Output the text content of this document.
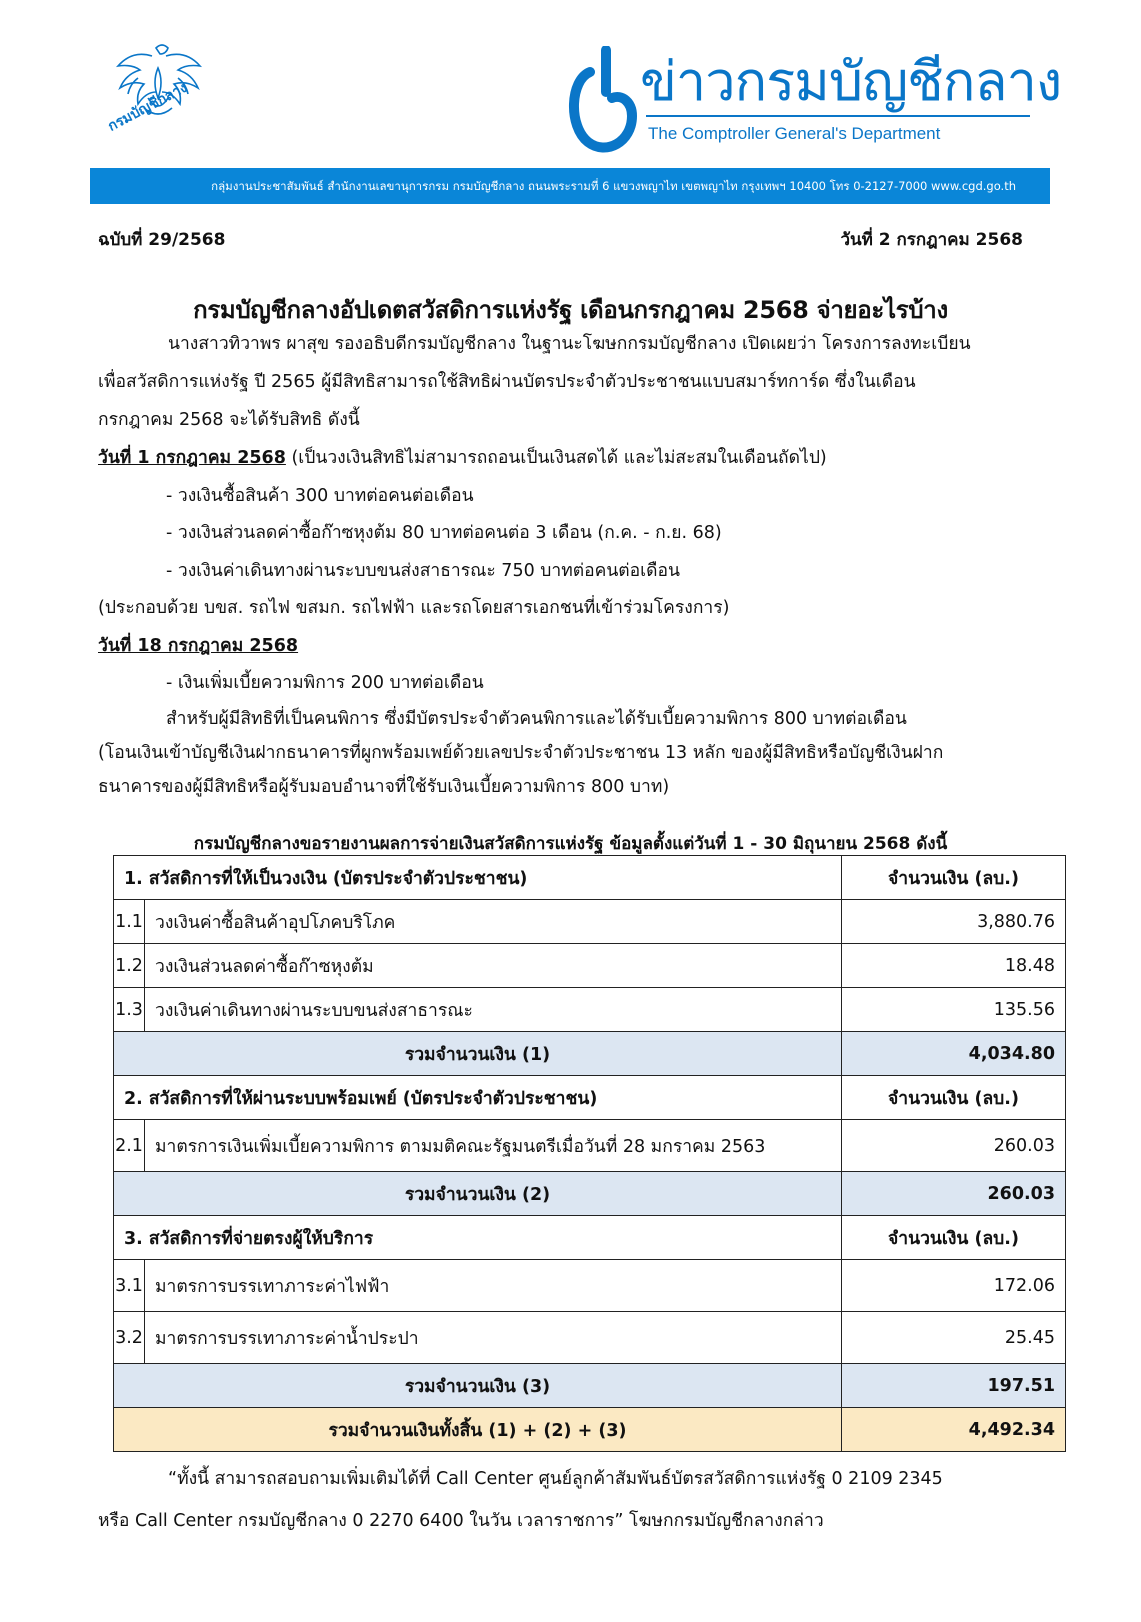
กรมบัญชีกลาง	ข่าวกรมบัญชีกลาง
The Comptroller General's Department
กลุ่มงานประชาสัมพันธ์ สำนักงานเลขานุการกรม กรมบัญชีกลาง ถนนพระรามที่ 6 แขวงพญาไท เขตพญาไท กรุงเทพฯ 10400 โทร 0-2127-7000 www.cgd.go.th
ฉบับที่ 29/2568	วันที่ 2 กรกฎาคม 2568
กรมบัญชีกลางอัปเดตสวัสดิการแห่งรัฐ เดือนกรกฎาคม 2568 จ่ายอะไรบ้าง
นางสาวทิวาพร ผาสุข รองอธิบดีกรมบัญชีกลาง ในฐานะโฆษกกรมบัญชีกลาง เปิดเผยว่า โครงการลงทะเบียน
เพื่อสวัสดิการแห่งรัฐ ปี 2565 ผู้มีสิทธิสามารถใช้สิทธิผ่านบัตรประจำตัวประชาชนแบบสมาร์ทการ์ด ซึ่งในเดือน
กรกฎาคม 2568 จะได้รับสิทธิ ดังนี้
วันที่ 1 กรกฎาคม 2568 (เป็นวงเงินสิทธิไม่สามารถถอนเป็นเงินสดได้ และไม่สะสมในเดือนถัดไป)
- วงเงินซื้อสินค้า 300 บาทต่อคนต่อเดือน
- วงเงินส่วนลดค่าซื้อก๊าซหุงต้ม 80 บาทต่อคนต่อ 3 เดือน (ก.ค. - ก.ย. 68)
- วงเงินค่าเดินทางผ่านระบบขนส่งสาธารณะ 750 บาทต่อคนต่อเดือน
(ประกอบด้วย บขส. รถไฟ ขสมก. รถไฟฟ้า และรถโดยสารเอกชนที่เข้าร่วมโครงการ)
วันที่ 18 กรกฎาคม 2568
- เงินเพิ่มเบี้ยความพิการ 200 บาทต่อเดือน
สำหรับผู้มีสิทธิที่เป็นคนพิการ ซึ่งมีบัตรประจำตัวคนพิการและได้รับเบี้ยความพิการ 800 บาทต่อเดือน
(โอนเงินเข้าบัญชีเงินฝากธนาคารที่ผูกพร้อมเพย์ด้วยเลขประจำตัวประชาชน 13 หลัก ของผู้มีสิทธิหรือบัญชีเงินฝาก
ธนาคารของผู้มีสิทธิหรือผู้รับมอบอำนาจที่ใช้รับเงินเบี้ยความพิการ 800 บาท)
กรมบัญชีกลางขอรายงานผลการจ่ายเงินสวัสดิการแห่งรัฐ ข้อมูลตั้งแต่วันที่ 1 - 30 มิถุนายน 2568 ดังนี้
1. สวัสดิการที่ให้เป็นวงเงิน (บัตรประจำตัวประชาชน)		จำนวนเงิน (ลบ.)
1.1	วงเงินค่าซื้อสินค้าอุปโภคบริโภค	3,880.76
1.2	วงเงินส่วนลดค่าซื้อก๊าซหุงต้ม	18.48
1.3	วงเงินค่าเดินทางผ่านระบบขนส่งสาธารณะ	135.56
รวมจำนวนเงิน (1)		4,034.80
2. สวัสดิการที่ให้ผ่านระบบพร้อมเพย์ (บัตรประจำตัวประชาชน)		จำนวนเงิน (ลบ.)
2.1	มาตรการเงินเพิ่มเบี้ยความพิการ ตามมติคณะรัฐมนตรีเมื่อวันที่ 28 มกราคม 2563	260.03
รวมจำนวนเงิน (2)		260.03
3. สวัสดิการที่จ่ายตรงผู้ให้บริการ		จำนวนเงิน (ลบ.)
3.1	มาตรการบรรเทาภาระค่าไฟฟ้า	172.06
3.2	มาตรการบรรเทาภาระค่าน้ำประปา	25.45
รวมจำนวนเงิน (3)		197.51
รวมจำนวนเงินทั้งสิ้น (1) + (2) + (3)		4,492.34
“ทั้งนี้ สามารถสอบถามเพิ่มเติมได้ที่ Call Center ศูนย์ลูกค้าสัมพันธ์บัตรสวัสดิการแห่งรัฐ 0 2109 2345
หรือ Call Center กรมบัญชีกลาง 0 2270 6400 ในวัน เวลาราชการ” โฆษกกรมบัญชีกลางกล่าว
